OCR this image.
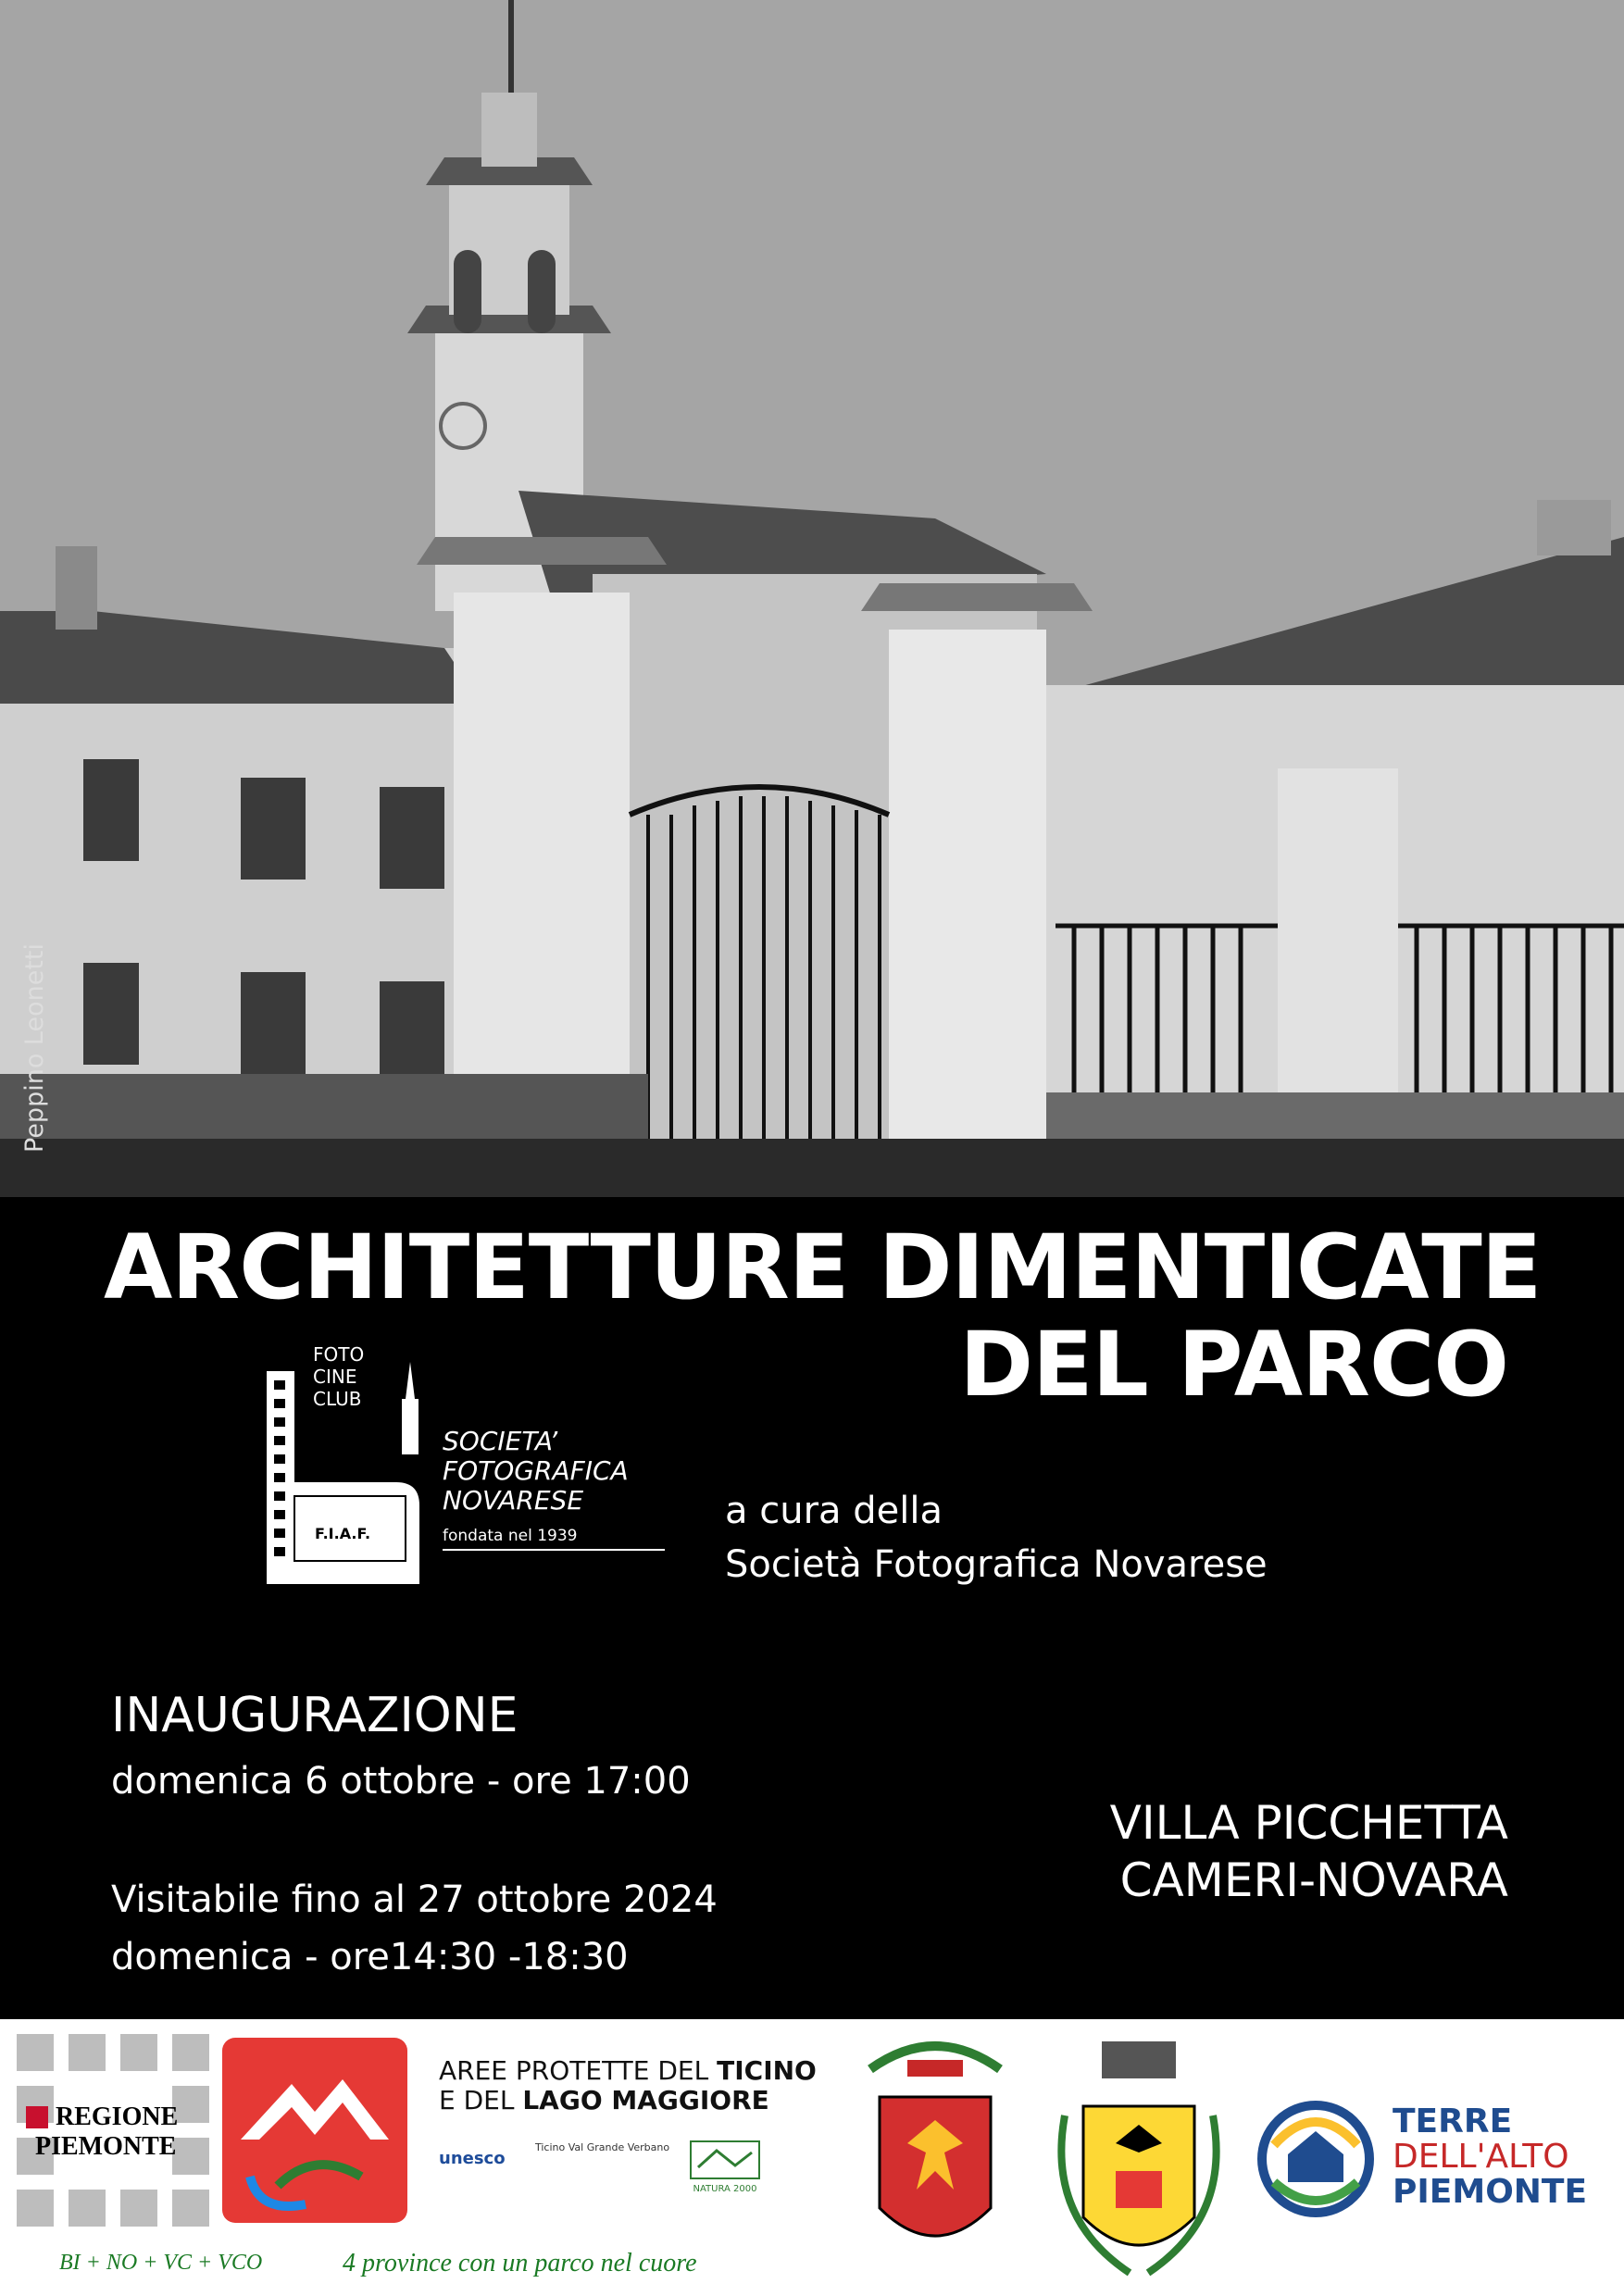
Peppino Leonetti
ARCHITETTURE DIMENTICATE
DEL PARCO
FOTO
CINE
CLUB
SOCIETA’
FOTOGRAFICA
NOVARESE
fondata nel 1939
F.I.A.F.
BFI-EFI
a cura della
Società Fotografica Novarese
INAUGURAZIONE
domenica 6 ottobre - ore 17:00
Visitabile fino al 27 ottobre 2024
domenica - ore14:30 -18:30
VILLA PICCHETTA
CAMERI-NOVARA
REGIONE
PIEMONTE
AREE PROTETTE DEL TICINO
E DEL LAGO MAGGIORE
unesco
Ticino Val Grande Verbano
NATURA 2000
BI + NO + VC + VCO	4 province con un parco nel cuore
TERRE
DELL'ALTO
PIEMONTE
